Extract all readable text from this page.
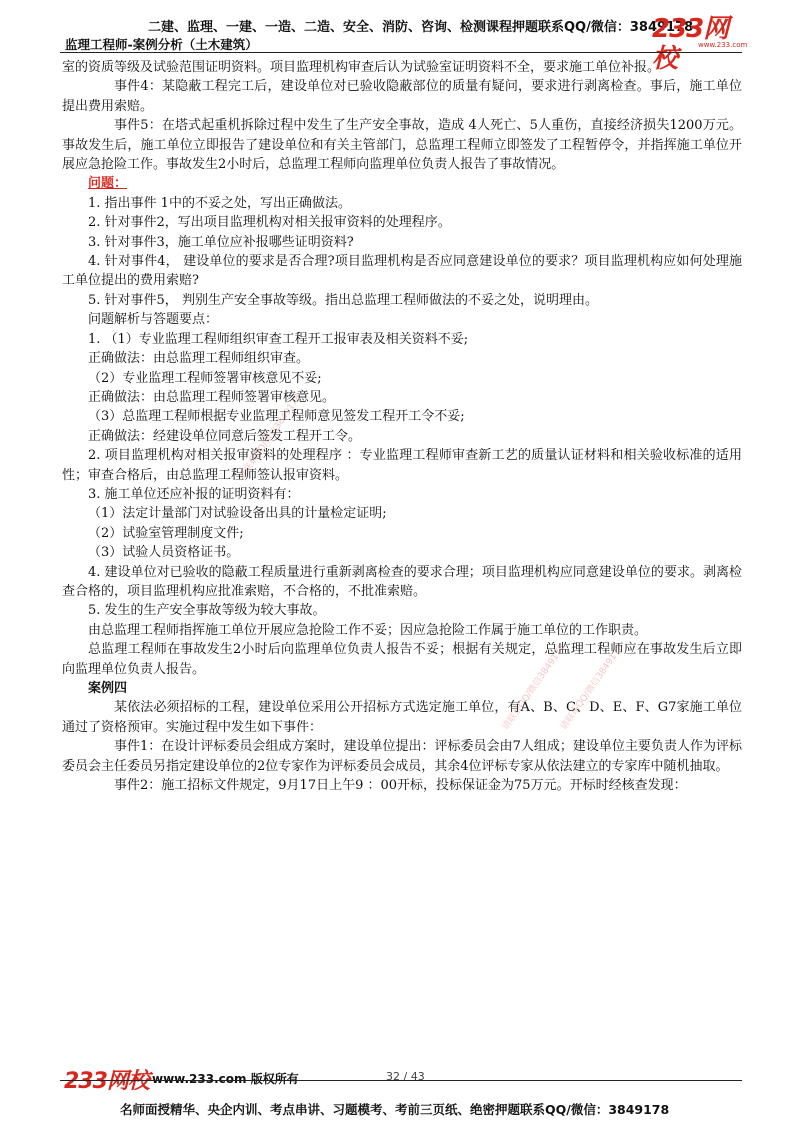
二建、监理、一建、一造、二造、安全、消防、咨询、检测课程押题联系QQ/微信：3849178
监理工程师-案例分析（土木建筑）
233网校	www.233.com
请联系QQ/微信3849178
请联系QQ/微信3849178
请联系QQ/微信3849178

室的资质等级及试验范围证明资料。项目监理机构审查后认为试验室证明资料不全，要求施工单位补报。

事件4：某隐蔽工程完工后，建设单位对已验收隐蔽部位的质量有疑问，要求进行剥离检查。事后，施工单位提出费用索赔。

事件5：在塔式起重机拆除过程中发生了生产安全事故，造成 4人死亡、5人重伤，直接经济损失1200万元。事故发生后，施工单位立即报告了建设单位和有关主管部门，总监理工程师立即签发了工程暂停令，并指挥施工单位开展应急抢险工作。事故发生2小时后，总监理工程师向监理单位负责人报告了事故情况。

问题：

1. 指出事件 1中的不妥之处，写出正确做法。

2. 针对事件2，写出项目监理机构对相关报审资料的处理程序。

3. 针对事件3，施工单位应补报哪些证明资料?

4. 针对事件4， 建设单位的要求是否合理?项目监理机构是否应同意建设单位的要求？项目监理机构应如何处理施工单位提出的费用索赔?

5. 针对事件5， 判别生产安全事故等级。指出总监理工程师做法的不妥之处，说明理由。

问题解析与答题要点：

1. （1）专业监理工程师组织审查工程开工报审表及相关资料不妥;

正确做法：由总监理工程师组织审查。

（2）专业监理工程师签署审核意见不妥;

正确做法：由总监理工程师签署审核意见。

（3）总监理工程师根据专业监理工程师意见签发工程开工令不妥;

正确做法：经建设单位同意后签发工程开工令。

2. 项目监理机构对相关报审资料的处理程序 ：专业监理工程师审查新工艺的质量认证材料和相关验收标准的适用性；审查合格后，由总监理工程师签认报审资料。

3. 施工单位还应补报的证明资料有：

（1）法定计量部门对试验设备出具的计量检定证明;

（2）试验室管理制度文件;

（3）试验人员资格证书。

4. 建设单位对已验收的隐蔽工程质量进行重新剥离检查的要求合理；项目监理机构应同意建设单位的要求。剥离检查合格的，项目监理机构应批准索赔，不合格的，不批准索赔。

5. 发生的生产安全事故等级为较大事故。

由总监理工程师指挥施工单位开展应急抢险工作不妥；因应急抢险工作属于施工单位的工作职责。

总监理工程师在事故发生2小时后向监理单位负责人报告不妥；根据有关规定，总监理工程师应在事故发生后立即向监理单位负责人报告。

案例四

某依法必须招标的工程，建设单位采用公开招标方式选定施工单位，有A、B、C、D、E、F、G7家施工单位通过了资格预审。实施过程中发生如下事件：

事件1：在设计评标委员会组成方案时，建设单位提出：评标委员会由7人组成；建设单位主要负责人作为评标委员会主任委员另指定建设单位的2位专家作为评标委员会成员，其余4位评标专家从依法建立的专家库中随机抽取。

事件2：施工招标文件规定，9月17日上午9 ：00开标，投标保证金为75万元。开标时经核查发现：

233网校 www.233.com 版权所有	32 / 43
名师面授精华、央企内训、考点串讲、习题模考、考前三页纸、绝密押题联系QQ/微信：3849178
